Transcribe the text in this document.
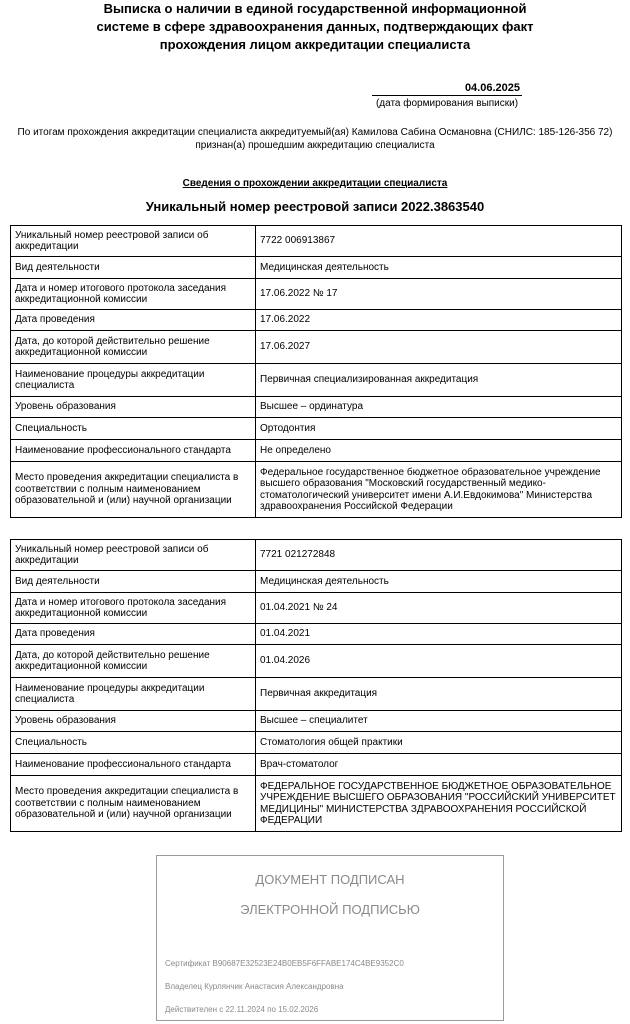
Выписка о наличии в единой государственной информационной
системе в сфере здравоохранения данных, подтверждающих факт
прохождения лицом аккредитации специалиста
04.06.2025
(дата формирования выписки)
По итогам прохождения аккредитации специалиста аккредитуемый(ая) Камилова Сабина Османовна (СНИЛС: 185-126-356 72)
признан(а) прошедшим аккредитацию специалиста
Сведения о прохождении аккредитации специалиста
Уникальный номер реестровой записи 2022.3863540
Уникальный номер реестровой записи об аккредитации	7722 006913867
Вид деятельности	Медицинская деятельность
Дата и номер итогового протокола заседания аккредитационной комиссии	17.06.2022 № 17
Дата проведения	17.06.2022
Дата, до которой действительно решение аккредитационной комиссии	17.06.2027
Наименование процедуры аккредитации специалиста	Первичная специализированная аккредитация
Уровень образования	Высшее – ординатура
Специальность	Ортодонтия
Наименование профессионального стандарта	Не определено
Место проведения аккредитации специалиста в соответствии с полным наименованием образовательной и (или) научной организации	Федеральное государственное бюджетное образовательное учреждение высшего образования "Московский государственный медико-стоматологический университет имени А.И.Евдокимова" Министерства здравоохранения Российской Федерации
Уникальный номер реестровой записи об аккредитации	7721 021272848
Вид деятельности	Медицинская деятельность
Дата и номер итогового протокола заседания аккредитационной комиссии	01.04.2021 № 24
Дата проведения	01.04.2021
Дата, до которой действительно решение аккредитационной комиссии	01.04.2026
Наименование процедуры аккредитации специалиста	Первичная аккредитация
Уровень образования	Высшее – специалитет
Специальность	Стоматология общей практики
Наименование профессионального стандарта	Врач-стоматолог
Место проведения аккредитации специалиста в соответствии с полным наименованием образовательной и (или) научной организации	ФЕДЕРАЛЬНОЕ ГОСУДАРСТВЕННОЕ БЮДЖЕТНОЕ ОБРАЗОВАТЕЛЬНОЕ УЧРЕЖДЕНИЕ ВЫСШЕГО ОБРАЗОВАНИЯ "РОССИЙСКИЙ УНИВЕРСИТЕТ МЕДИЦИНЫ" МИНИСТЕРСТВА ЗДРАВООХРАНЕНИЯ РОССИЙСКОЙ ФЕДЕРАЦИИ
ДОКУМЕНТ ПОДПИСАН
ЭЛЕКТРОННОЙ ПОДПИСЬЮ
Сертификат B90687E32523E24B0EB5F6FFABE174C4BE9352C0
Владелец Курлянчик Анастасия Александровна
Действителен с 22.11.2024 по 15.02.2026
